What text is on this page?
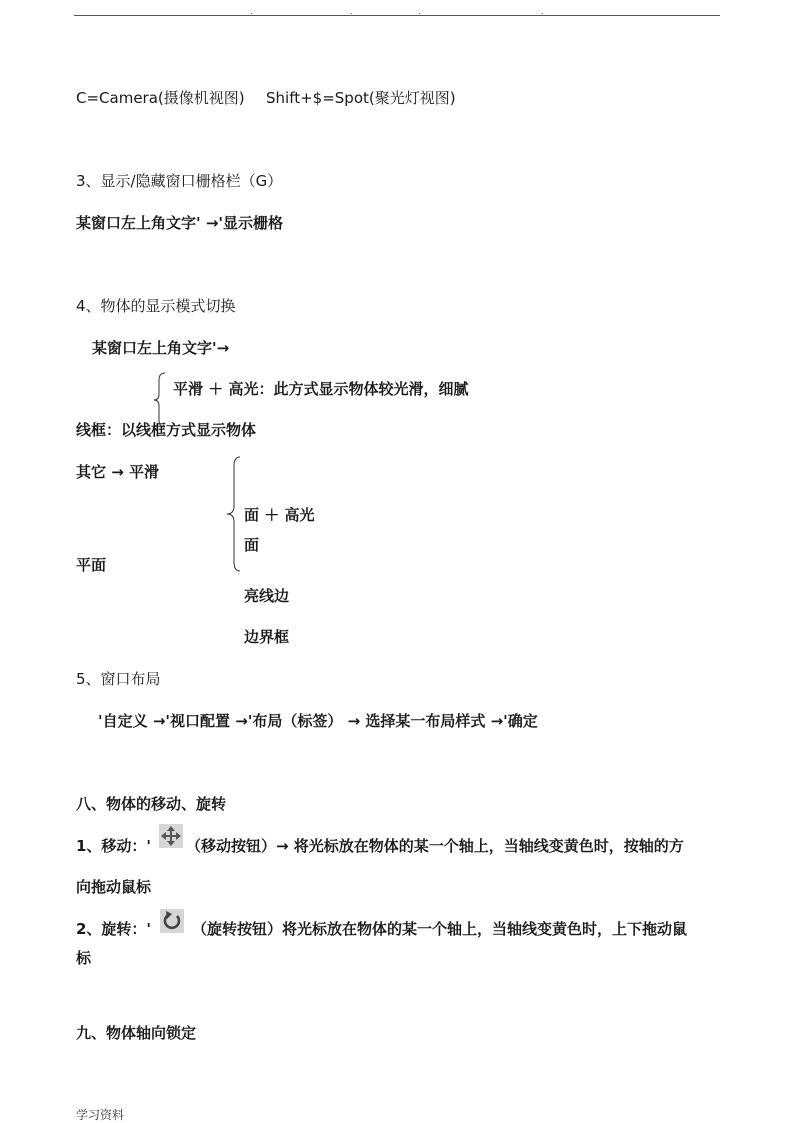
.	.	.	.
C=Camera(摄像机视图) Shift+$=Spot(聚光灯视图)
3、显示/隐藏窗口栅格栏（G）
某窗口左上角文字' →'显示栅格
4、物体的显示模式切换
某窗口左上角文字'→
平滑 ＋ 高光：此方式显示物体较光滑，细腻
线框：以线框方式显示物体
其它 → 平滑
面 ＋ 高光
面
平面
亮线边
边界框
5、窗口布局
'自定义 →'视口配置 →'布局（标签） → 选择某一布局样式 →'确定
八、物体的移动、旋转
1、移动：' （移动按钮）→ 将光标放在物体的某一个轴上，当轴线变黄色时，按轴的方
向拖动鼠标
2、旋转：'	（旋转按钮）将光标放在物体的某一个轴上，当轴线变黄色时，上下拖动鼠
标
九、物体轴向锁定
学习资料
